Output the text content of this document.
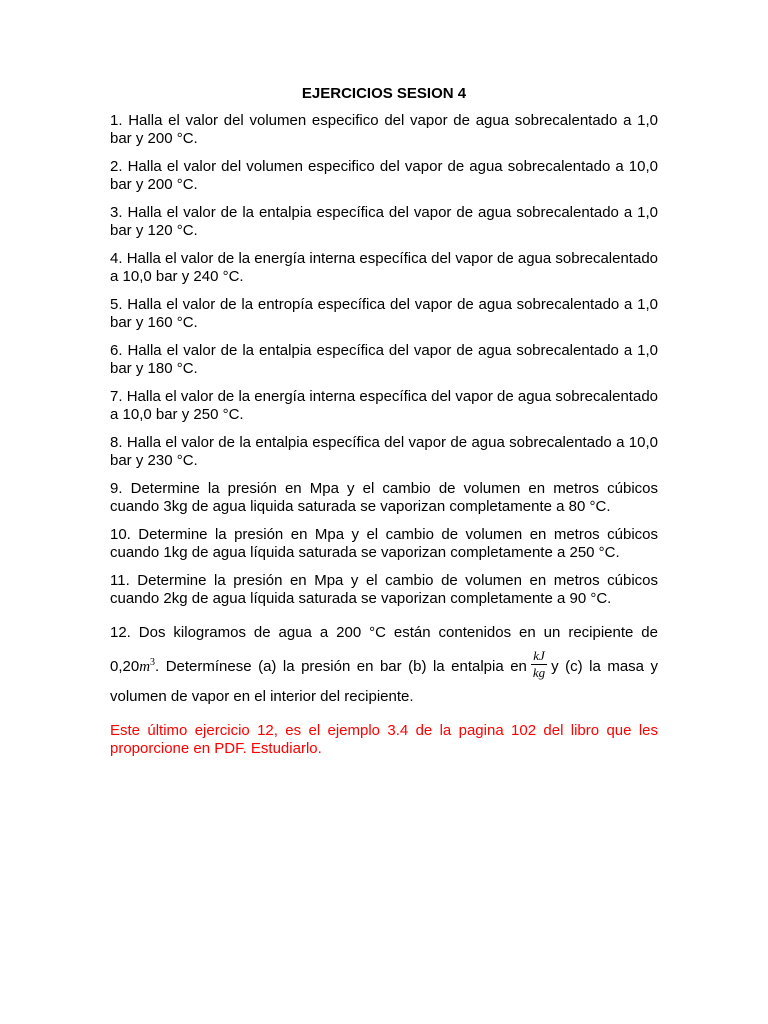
EJERCICIOS SESION 4

1. Halla el valor del volumen especifico del vapor de agua sobrecalentado a 1,0 bar y 200 °C.

2. Halla el valor del volumen especifico del vapor de agua sobrecalentado a 10,0 bar y 200 °C.

3. Halla el valor de la entalpia específica del vapor de agua sobrecalentado a 1,0 bar y 120 °C.

4. Halla el valor de la energía interna específica del vapor de agua sobrecalentado a 10,0 bar y 240 °C.

5. Halla el valor de la entropía específica del vapor de agua sobrecalentado a 1,0 bar y 160 °C.

6. Halla el valor de la entalpia específica del vapor de agua sobrecalentado a 1,0 bar y 180 °C.

7. Halla el valor de la energía interna específica del vapor de agua sobrecalentado a 10,0 bar y 250 °C.

8. Halla el valor de la entalpia específica del vapor de agua sobrecalentado a 10,0 bar y 230 °C.

9. Determine la presión en Mpa y el cambio de volumen en metros cúbicos cuando 3kg de agua liquida saturada se vaporizan completamente a 80 °C.

10. Determine la presión en Mpa y el cambio de volumen en metros cúbicos cuando 1kg de agua líquida saturada se vaporizan completamente a 250 °C.

11. Determine la presión en Mpa y el cambio de volumen en metros cúbicos cuando 2kg de agua líquida saturada se vaporizan completamente a 90 °C.

12. Dos kilogramos de agua a 200 °C están contenidos en un recipiente de $0,20m^3$. Determínese (a) la presión en bar (b) la entalpia en $\frac{kJ}{kg}$ y (c) la masa y volumen de vapor en el interior del recipiente.

Este último ejercicio 12, es el ejemplo 3.4 de la pagina 102 del libro que les proporcione en PDF. Estudiarlo.
